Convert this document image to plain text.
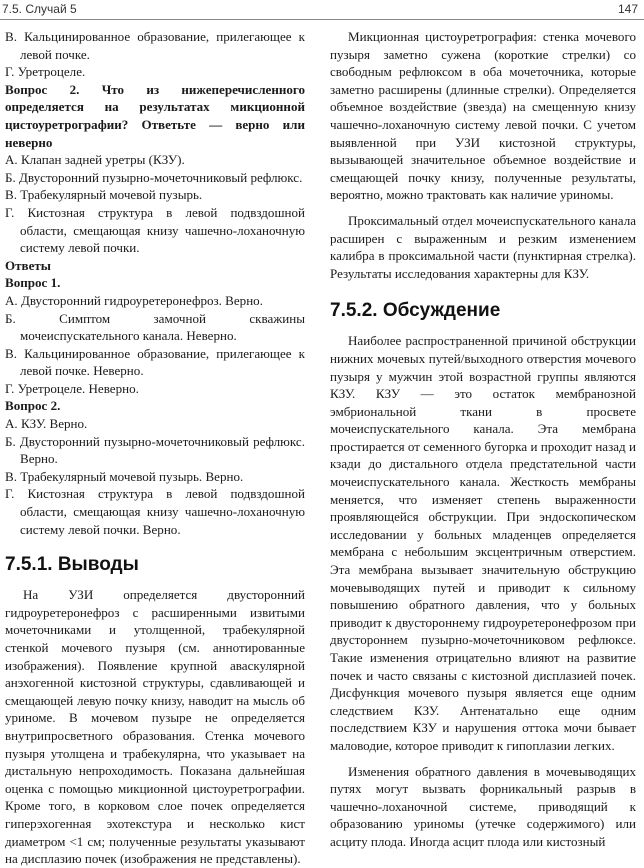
7.5. Случай 5	147

В. Кальцинированное образование, прилегающее к левой почке.

Г. Уретроцеле.

Вопрос 2. Что из нижеперечисленного определяется на результатах микционной цистоуретрографии? Ответьте — верно или неверно

А. Клапан задней уретры (КЗУ).

Б. Двусторонний пузырно-мочеточниковый рефлюкс.

В. Трабекулярный мочевой пузырь.

Г. Кистозная структура в левой подвздошной области, смещающая книзу чашечно-лоханочную систему левой почки.

Ответы

Вопрос 1.

А. Двусторонний гидроуретеронефроз. Верно.

Б. Симптом замочной скважины мочеиспускательного канала. Неверно.

В. Кальцинированное образование, прилегающее к левой почке. Неверно.

Г. Уретроцеле. Неверно.

Вопрос 2.

А. КЗУ. Верно.

Б. Двусторонний пузырно-мочеточниковый рефлюкс. Верно.

В. Трабекулярный мочевой пузырь. Верно.

Г. Кистозная структура в левой подвздошной области, смещающая книзу чашечно-лоханочную систему левой почки. Верно.

7.5.1. Выводы

На УЗИ определяется двусторонний гидроуретеронефроз с расширенными извитыми мочеточниками и утолщенной, трабекулярной стенкой мочевого пузыря (см. аннотированные изображения). Появление крупной аваскулярной анэхогенной кистозной структуры, сдавливающей и смещающей левую почку книзу, наводит на мысль об уриноме. В мочевом пузыре не определяется внутрипросветного образования. Стенка мочевого пузыря утолщена и трабекулярна, что указывает на дистальную непроходимость. Показана дальнейшая оценка с помощью микционной цистоуретрографии. Кроме того, в корковом слое почек определяется гиперэхогенная эхотекстура и несколько кист диаметром <1 см; полученные результаты указывают на дисплазию почек (изображения не представлены).

Микционная цистоуретрография: стенка мочевого пузыря заметно сужена (короткие стрелки) со свободным рефлюксом в оба мочеточника, которые заметно расширены (длинные стрелки). Определяется объемное воздействие (звезда) на смещенную книзу чашечно-лоханочную систему левой почки. С учетом выявленной при УЗИ кистозной структуры, вызывающей значительное объемное воздействие и смещающей почку книзу, полученные результаты, вероятно, можно трактовать как наличие уриномы.

Проксимальный отдел мочеиспускательного канала расширен с выраженным и резким изменением калибра в проксимальной части (пунктирная стрелка). Результаты исследования характерны для КЗУ.

7.5.2. Обсуждение

Наиболее распространенной причиной обструкции нижних мочевых путей/выходного отверстия мочевого пузыря у мужчин этой возрастной группы являются КЗУ. КЗУ — это остаток мембранозной эмбриональной ткани в просвете мочеиспускательного канала. Эта мембрана простирается от семенного бугорка и проходит назад и кзади до дистального отдела предстательной части мочеиспускательного канала. Жесткость мембраны меняется, что изменяет степень выраженности проявляющейся обструкции. При эндоскопическом исследовании у больных младенцев определяется мембрана с небольшим эксцентричным отверстием. Эта мембрана вызывает значительную обструкцию мочевыводящих путей и приводит к сильному повышению обратного давления, что у больных приводит к двустороннему гидроуретеронефрозом при двустороннем пузырно-мочеточниковом рефлюксе. Такие изменения отрицательно влияют на развитие почек и часто связаны с кистозной дисплазией почек. Дисфункция мочевого пузыря является еще одним следствием КЗУ. Антенатально еще одним последствием КЗУ и нарушения оттока мочи бывает маловодие, которое приводит к гипоплазии легких.

Изменения обратного давления в мочевыводящих путях могут вызвать форникальный разрыв в чашечно-лоханочной системе, приводящий к образованию уриномы (утечке содержимого) или асциту плода. Иногда асцит плода или кистозный
